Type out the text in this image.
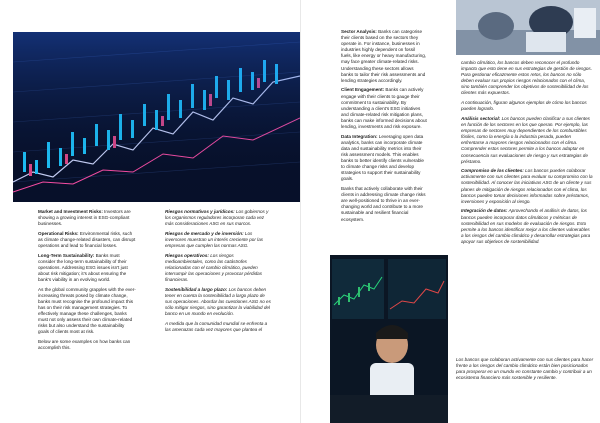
Market and Investment Risks: Investors are showing a growing interest in ESG-compliant businesses.

Operational Risks: Environmental risks, such as climate change-related disasters, can disrupt operations and lead to financial losses.

Long-Term Sustainability: Banks must consider the long-term sustainability of their operations. Addressing ESG issues isn't just about risk mitigation; it's about ensuring the bank's viability in an evolving world.

As the global community grapples with the ever-increasing threats posed by climate change, banks must recognise the profound impact this has on their risk management strategies. To effectively manage these challenges, banks must not only assess their own climate-related risks but also understand the sustainability goals of clients most at risk.

Below are some examples on how banks can accomplish this.

Riesgos normativos y jurídicos: Los gobiernos y los organismos reguladores incorporan cada vez más consideraciones ASG en sus marcos.

Riesgos de mercado y de inversión: Los inversores muestran un interés creciente por las empresas que cumplen las normas ASG.

Riesgos operativos: Los riesgos medioambientales, como las catástrofes relacionadas con el cambio climático, pueden interrumpir las operaciones y provocar pérdidas financieras.

Sostenibilidad a largo plazo: Los bancos deben tener en cuenta la sostenibilidad a largo plazo de sus operaciones. Abordar las cuestiones ASG no es sólo mitigar riesgos, sino garantizar la viabilidad del banco en un mundo en evolución.

A medida que la comunidad mundial se enfrenta a las amenazas cada vez mayores que plantea el

Sector Analysis: Banks can categorise their clients based on the sectors they operate in. For instance, businesses in industries highly dependent on fossil fuels, like energy or heavy manufacturing, may face greater climate-related risks. Understanding these sectors allows banks to tailor their risk assessments and lending strategies accordingly.

Client Engagement: Banks can actively engage with their clients to gauge their commitment to sustainability. By understanding a client's ESG initiatives and climate-related risk mitigation plans, banks can make informed decisions about lending, investments and risk exposure.

Data Integration: Leveraging open data analytics, banks can incorporate climate data and sustainability metrics into their risk assessment models. This enables banks to better identify clients vulnerable to climate change risks and develop strategies to support their sustainability goals.

Banks that actively collaborate with their clients in addressing climate change risks are well-positioned to thrive in an ever-changing world and contribute to a more sustainable and resilient financial ecosystem.

cambio climático, los bancos deben reconocer el profundo impacto que esto tiene en sus estrategias de gestión de riesgos. Para gestionar eficazmente estos retos, los bancos no sólo deben evaluar sus propios riesgos relacionados con el clima, sino también comprender los objetivos de sostenibilidad de los clientes más expuestos.

A continuación, figuran algunos ejemplos de cómo los bancos pueden lograrlo.

Análisis sectorial: Los bancos pueden clasificar a sus clientes en función de los sectores en los que operan. Por ejemplo, las empresas de sectores muy dependientes de los combustibles fósiles, como la energía o la industria pesada, pueden enfrentarse a mayores riesgos relacionados con el clima. Comprender estos sectores permite a los bancos adaptar en consecuencia sus evaluaciones de riesgo y sus estrategias de préstamo.

Compromiso de los clientes: Los bancos pueden colaborar activamente con sus clientes para evaluar su compromiso con la sostenibilidad. Al conocer las iniciativas ASG de un cliente y sus planes de mitigación de riesgos relacionados con el clima, los bancos pueden tomar decisiones informadas sobre préstamos, inversiones y exposición al riesgo.

Integración de datos: Aprovechando el análisis de datos, los bancos pueden incorporar datos climáticos y métricas de sostenibilidad en sus modelos de evaluación de riesgos. Esto permite a los bancos identificar mejor a los clientes vulnerables a los riesgos del cambio climático y desarrollar estrategias para apoyar sus objetivos de sostenibilidad.

Los bancos que colaboran activamente con sus clientes para hacer frente a los riesgos del cambio climático están bien posicionados para prosperar en un mundo en constante cambio y contribuir a un ecosistema financiero más sostenible y resiliente.
